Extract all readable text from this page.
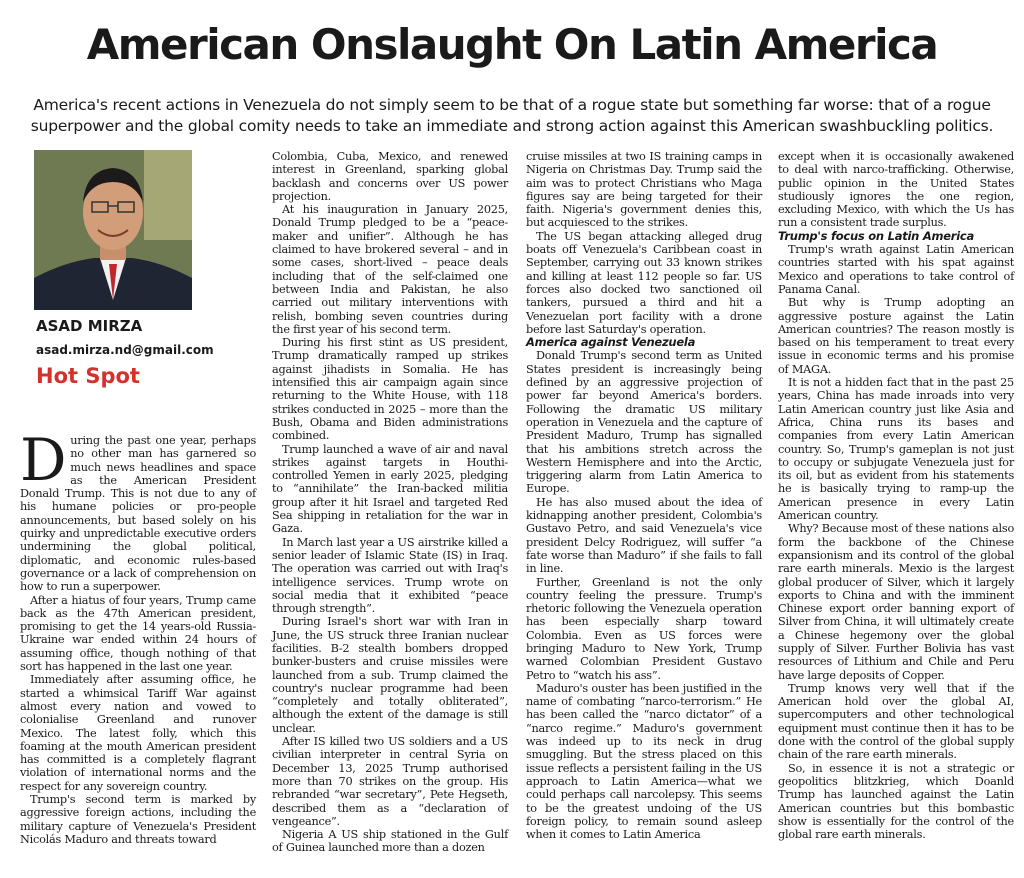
American Onslaught On Latin America
America's recent actions in Venezuela do not simply seem to be that of a rogue state but something far worse: that of a rogue superpower and the global comity needs to take an immediate and strong action against this American swashbuckling politics.
ASAD MIRZA
asad.mirza.nd@gmail.com
Hot Spot

During the past one year, perhaps no other man has garnered so much news headlines and space as the American President Donald Trump. This is not due to any of his humane policies or pro-people announcements, but based solely on his quirky and unpredictable executive orders undermining the global political, diplomatic, and economic rules-based governance or a lack of comprehension on how to run a superpower.

After a hiatus of four years, Trump came back as the 47th American president, promising to get the 14 years-old Russia-Ukraine war ended within 24 hours of assuming office, though nothing of that sort has happened in the last one year.

Immediately after assuming office, he started a whimsical Tariff War against almost every nation and vowed to colonialise Greenland and runover Mexico. The latest folly, which this foaming at the mouth American president has committed is a completely flagrant violation of international norms and the respect for any sovereign country.

Trump's second term is marked by aggressive foreign actions, including the military capture of Venezuela's President Nicolás Maduro and threats toward

Colombia, Cuba, Mexico, and renewed interest in Greenland, sparking global backlash and concerns over US power projection.

At his inauguration in January 2025, Donald Trump pledged to be a “peace-maker and unifier”. Although he has claimed to have brokered several – and in some cases, short-lived – peace deals including that of the self-claimed one between India and Pakistan, he also carried out military interventions with relish, bombing seven countries during the first year of his second term.

During his first stint as US president, Trump dramatically ramped up strikes against jihadists in Somalia. He has intensified this air campaign again since returning to the White House, with 118 strikes conducted in 2025 – more than the Bush, Obama and Biden administrations combined.

Trump launched a wave of air and naval strikes against targets in Houthi-controlled Yemen in early 2025, pledging to “annihilate” the Iran-backed militia group after it hit Israel and targeted Red Sea shipping in retaliation for the war in Gaza.

In March last year a US airstrike killed a senior leader of Islamic State (IS) in Iraq. The operation was carried out with Iraq's intelligence services. Trump wrote on social media that it exhibited “peace through strength”.

During Israel's short war with Iran in June, the US struck three Iranian nuclear facilities. B-2 stealth bombers dropped bunker-busters and cruise missiles were launched from a sub. Trump claimed the country's nuclear programme had been “completely and totally obliterated”, although the extent of the damage is still unclear.

After IS killed two US soldiers and a US civilian interpreter in central Syria on December 13, 2025 Trump authorised more than 70 strikes on the group. His rebranded “war secretary”, Pete Hegseth, described them as a “declaration of vengeance”.

Nigeria A US ship stationed in the Gulf of Guinea launched more than a dozen

cruise missiles at two IS training camps in Nigeria on Christmas Day. Trump said the aim was to protect Christians who Maga figures say are being targeted for their faith. Nigeria's government denies this, but acquiesced to the strikes.

The US began attacking alleged drug boats off Venezuela's Caribbean coast in September, carrying out 33 known strikes and killing at least 112 people so far. US forces also docked two sanctioned oil tankers, pursued a third and hit a Venezuelan port facility with a drone before last Saturday's operation.

America against Venezuela

Donald Trump's second term as United States president is increasingly being defined by an aggressive projection of power far beyond America's borders. Following the dramatic US military operation in Venezuela and the capture of President Maduro, Trump has signalled that his ambitions stretch across the Western Hemisphere and into the Arctic, triggering alarm from Latin America to Europe.

He has also mused about the idea of kidnapping another president, Colombia's Gustavo Petro, and said Venezuela's vice president Delcy Rodriguez, will suffer “a fate worse than Maduro” if she fails to fall in line.

Further, Greenland is not the only country feeling the pressure. Trump's rhetoric following the Venezuela operation has been especially sharp toward Colombia. Even as US forces were bringing Maduro to New York, Trump warned Colombian President Gustavo Petro to “watch his ass”.

Maduro's ouster has been justified in the name of combating “narco-terrorism.” He has been called the “narco dictator” of a “narco regime.” Maduro's government was indeed up to its neck in drug smuggling. But the stress placed on this issue reflects a persistent failing in the US approach to Latin America—what we could perhaps call narcolepsy. This seems to be the greatest undoing of the US foreign policy, to remain sound asleep when it comes to Latin America

except when it is occasionally awakened to deal with narco-trafficking. Otherwise, public opinion in the United States studiously ignores the one region, excluding Mexico, with which the Us has run a consistent trade surplus.

Trump's focus on Latin America

Trump's wrath against Latin American countries started with his spat against Mexico and operations to take control of Panama Canal.

But why is Trump adopting an aggressive posture against the Latin American countries? The reason mostly is based on his temperament to treat every issue in economic terms and his promise of MAGA.

It is not a hidden fact that in the past 25 years, China has made inroads into very Latin American country just like Asia and Africa, China runs its bases and companies from every Latin American country. So, Trump's gameplan is not just to occupy or subjugate Venezuela just for its oil, but as evident from his statements he is basically trying to ramp-up the American presence in every Latin American country.

Why? Because most of these nations also form the backbone of the Chinese expansionism and its control of the global rare earth minerals. Mexio is the largest global producer of Silver, which it largely exports to China and with the imminent Chinese export order banning export of Silver from China, it will ultimately create a Chinese hegemony over the global supply of Silver. Further Bolivia has vast resources of Lithium and Chile and Peru have large deposits of Copper.

Trump knows very well that if the American hold over the global AI, supercomputers and other technological equipment must continue then it has to be done with the control of the global supply chain of the rare earth minerals.

So, in essence it is not a strategic or geopolitics blitzkrieg, which Doanld Trump has launched against the Latin American countries but this bombastic show is essentially for the control of the global rare earth minerals.
